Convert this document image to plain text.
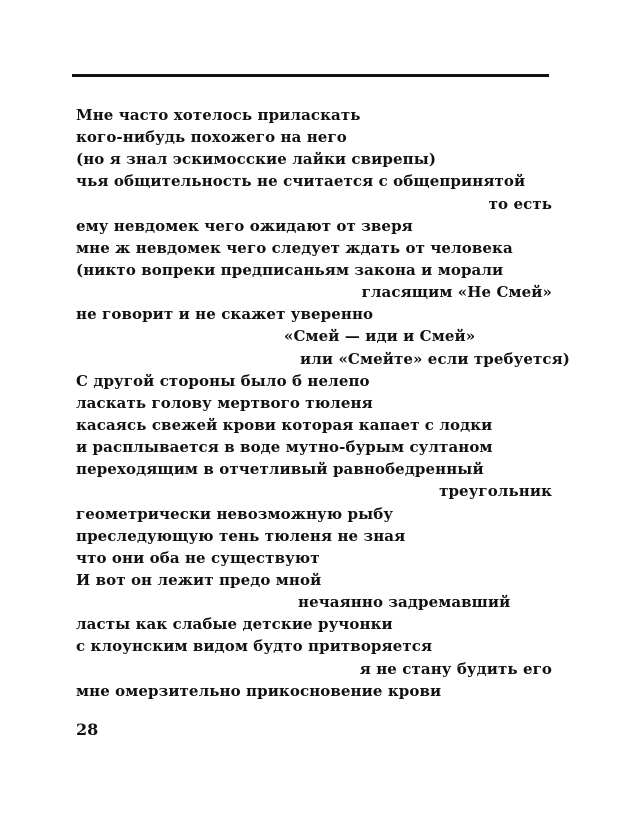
Мне часто хотелось приласкать
кого-нибудь похожего на него
(но я знал эскимосские лайки свирепы)
чья общительность не считается с общепринятой
то есть
ему невдомек чего ожидают от зверя
мне ж невдомек чего следует ждать от человека
(никто вопреки предписаньям закона и морали
гласящим «Не Смей»
не говорит и не скажет уверенно
«Смей — иди и Смей»
или «Смейте» если требуется)
С другой стороны было б нелепо
ласкать голову мертвого тюленя
касаясь свежей крови которая капает с лодки
и расплывается в воде мутно-бурым султаном
переходящим в отчетливый равнобедренный
треугольник
геометрически невозможную рыбу
преследующую тень тюленя не зная
что они оба не существуют
И вот он лежит предо мной
нечаянно задремавший
ласты как слабые детские ручонки
с клоунским видом будто притворяется
я не стану будить его
мне омерзительно прикосновение крови
28
